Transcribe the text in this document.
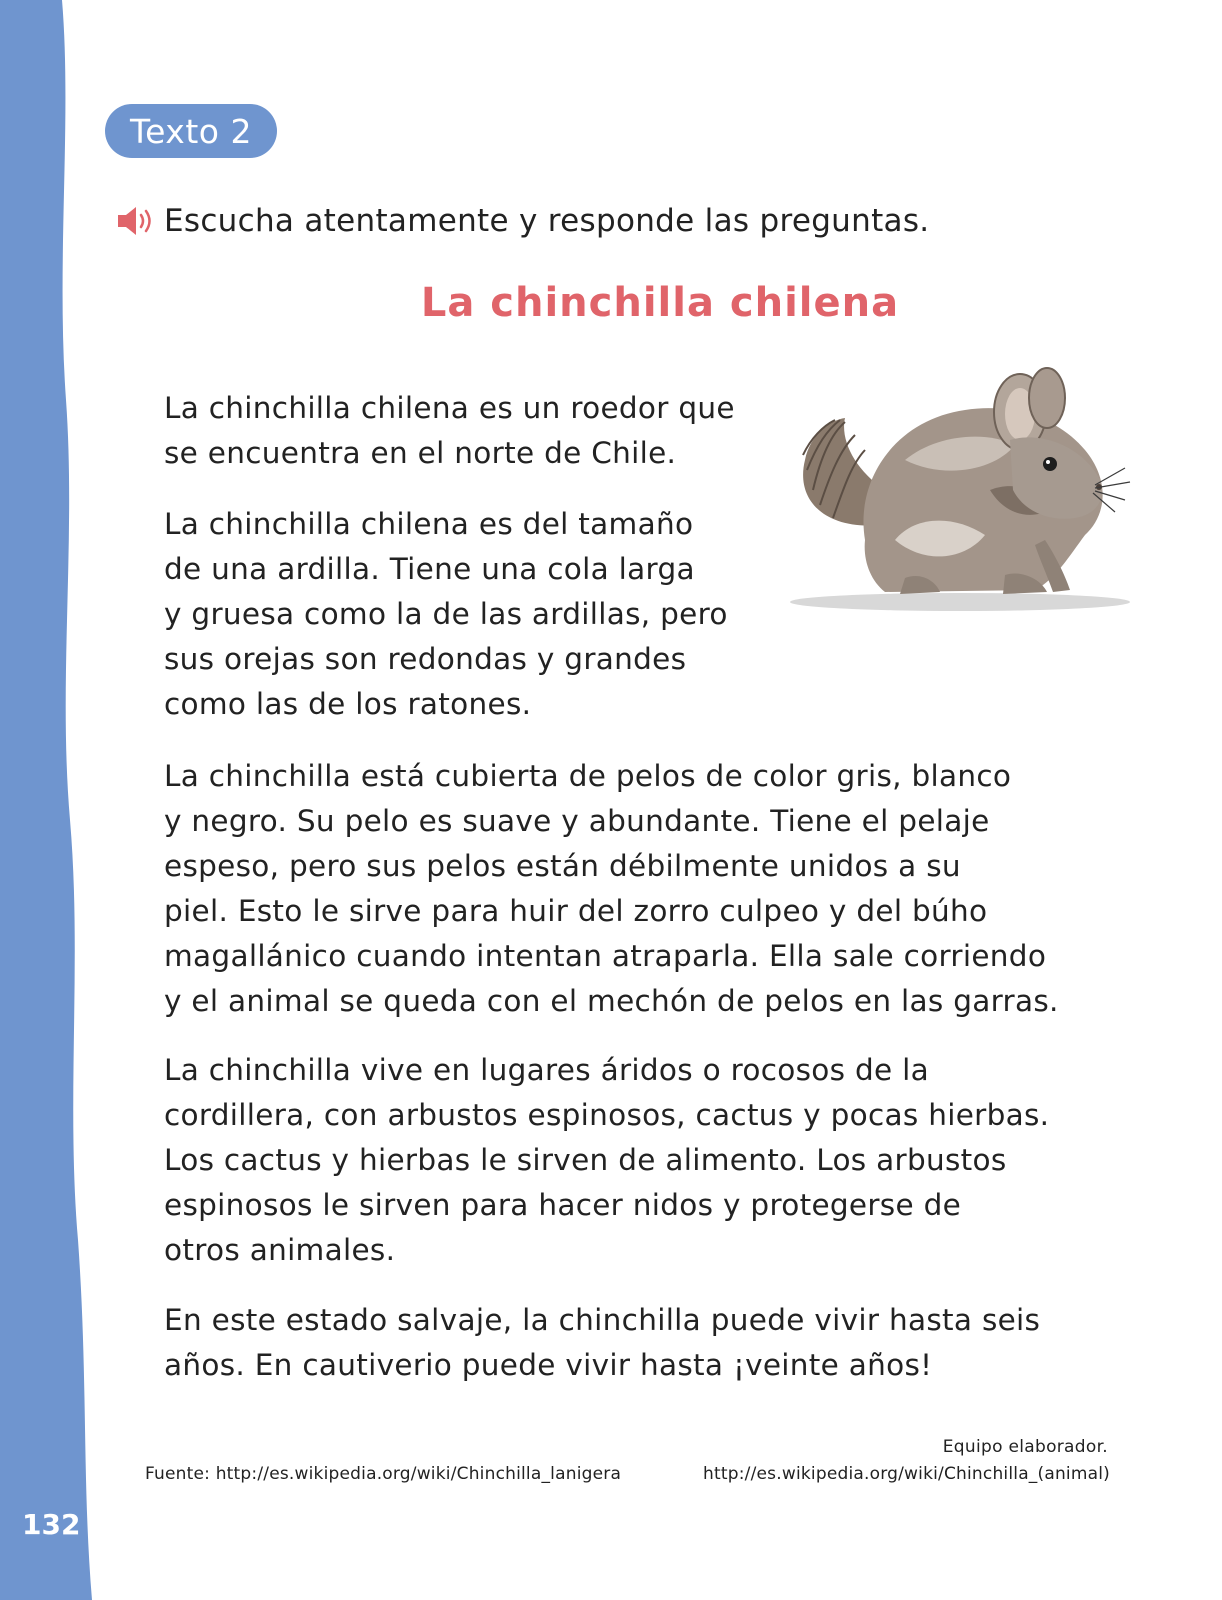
132
Texto 2
Escucha atentamente y responde las preguntas.
La chinchilla chilena

La chinchilla chilena es un roedor que
se encuentra en el norte de Chile.

La chinchilla chilena es del tamaño
de una ardilla. Tiene una cola larga
y gruesa como la de las ardillas, pero
sus orejas son redondas y grandes
como las de los ratones.

La chinchilla está cubierta de pelos de color gris, blanco
y negro. Su pelo es suave y abundante. Tiene el pelaje
espeso, pero sus pelos están débilmente unidos a su
piel. Esto le sirve para huir del zorro culpeo y del búho
magallánico cuando intentan atraparla. Ella sale corriendo
y el animal se queda con el mechón de pelos en las garras.

La chinchilla vive en lugares áridos o rocosos de la
cordillera, con arbustos espinosos, cactus y pocas hierbas.
Los cactus y hierbas le sirven de alimento. Los arbustos
espinosos le sirven para hacer nidos y protegerse de
otros animales.

En este estado salvaje, la chinchilla puede vivir hasta seis
años. En cautiverio puede vivir hasta ¡veinte años!

Equipo elaborador.
Fuente: http://es.wikipedia.org/wiki/Chinchilla_lanigera	http://es.wikipedia.org/wiki/Chinchilla_(animal)
